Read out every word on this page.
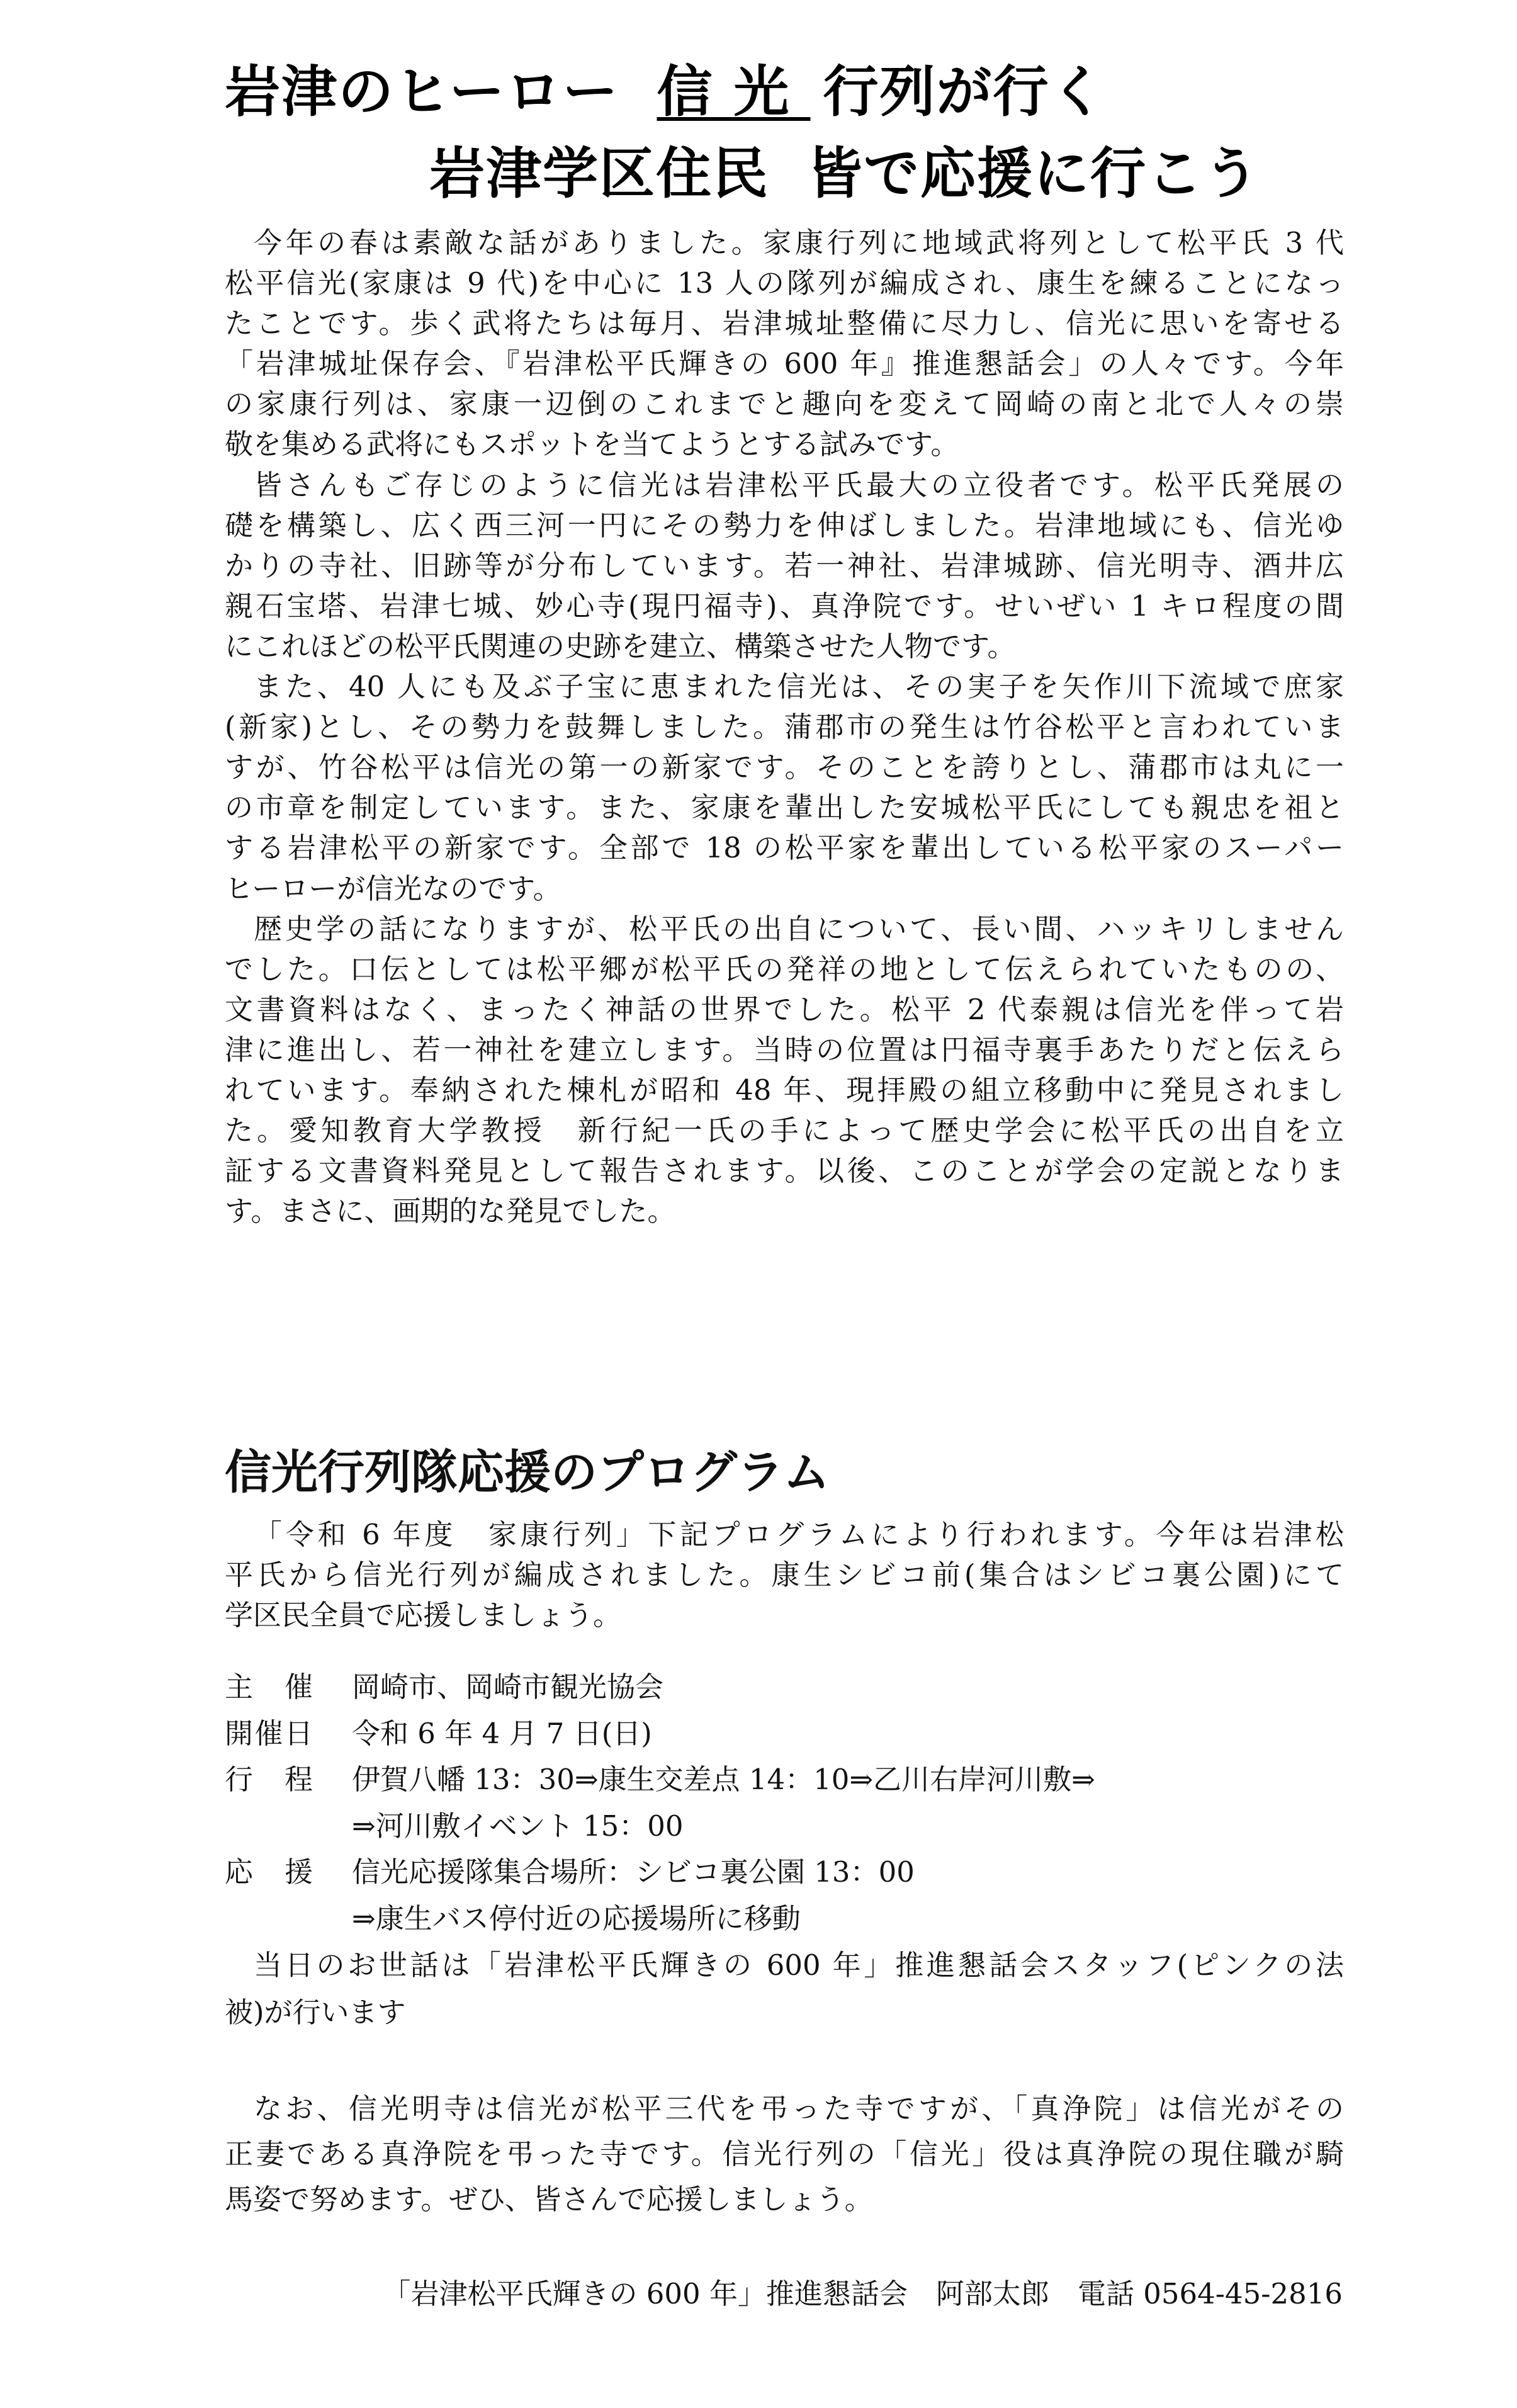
岩津のヒーロー 信光 行列が行く
岩津学区住民 皆で応援に行こう
今年の春は素敵な話がありました。家康行列に地域武将列として松平氏 3 代
松平信光(家康は 9 代)を中心に 13 人の隊列が編成され、康生を練ることになっ
たことです。歩く武将たちは毎月、岩津城址整備に尽力し、信光に思いを寄せる
「岩津城址保存会、『岩津松平氏輝きの 600 年』推進懇話会」の人々です。今年
の家康行列は、家康一辺倒のこれまでと趣向を変えて岡崎の南と北で人々の崇
敬を集める武将にもスポットを当てようとする試みです。
皆さんもご存じのように信光は岩津松平氏最大の立役者です。松平氏発展の
礎を構築し、広く西三河一円にその勢力を伸ばしました。岩津地域にも、信光ゆ
かりの寺社、旧跡等が分布しています。若一神社、岩津城跡、信光明寺、酒井広
親石宝塔、岩津七城、妙心寺(現円福寺)、真浄院です。せいぜい 1 キロ程度の間
にこれほどの松平氏関連の史跡を建立、構築させた人物です。
また、40 人にも及ぶ子宝に恵まれた信光は、その実子を矢作川下流域で庶家
(新家)とし、その勢力を鼓舞しました。蒲郡市の発生は竹谷松平と言われていま
すが、竹谷松平は信光の第一の新家です。そのことを誇りとし、蒲郡市は丸に一
の市章を制定しています。また、家康を輩出した安城松平氏にしても親忠を祖と
する岩津松平の新家です。全部で 18 の松平家を輩出している松平家のスーパー
ヒーローが信光なのです。
歴史学の話になりますが、松平氏の出自について、長い間、ハッキリしません
でした。口伝としては松平郷が松平氏の発祥の地として伝えられていたものの、
文書資料はなく、まったく神話の世界でした。松平 2 代泰親は信光を伴って岩
津に進出し、若一神社を建立します。当時の位置は円福寺裏手あたりだと伝えら
れています。奉納された棟札が昭和 48 年、現拝殿の組立移動中に発見されまし
た。愛知教育大学教授　新行紀一氏の手によって歴史学会に松平氏の出自を立
証する文書資料発見として報告されます。以後、このことが学会の定説となりま
す。まさに、画期的な発見でした。
信光行列隊応援のプログラム
「令和 6 年度　家康行列」下記プログラムにより行われます。今年は岩津松
平氏から信光行列が編成されました。康生シビコ前(集合はシビコ裏公園)にて
学区民全員で応援しましょう。
主 催 岡崎市、岡崎市観光協会
開催日 令和 6 年 4 月 7 日(日)
行 程 伊賀八幡 13：30⇒康生交差点 14：10⇒乙川右岸河川敷⇒
⇒河川敷イベント 15：00
応 援 信光応援隊集合場所：シビコ裏公園 13：00
⇒康生バス停付近の応援場所に移動
当日のお世話は「岩津松平氏輝きの 600 年」推進懇話会スタッフ(ピンクの法
被)が行います
なお、信光明寺は信光が松平三代を弔った寺ですが、「真浄院」は信光がその
正妻である真浄院を弔った寺です。信光行列の「信光」役は真浄院の現住職が騎
馬姿で努めます。ぜひ、皆さんで応援しましょう。
「岩津松平氏輝きの 600 年」推進懇話会  阿部太郎  電話 0564-45-2816
